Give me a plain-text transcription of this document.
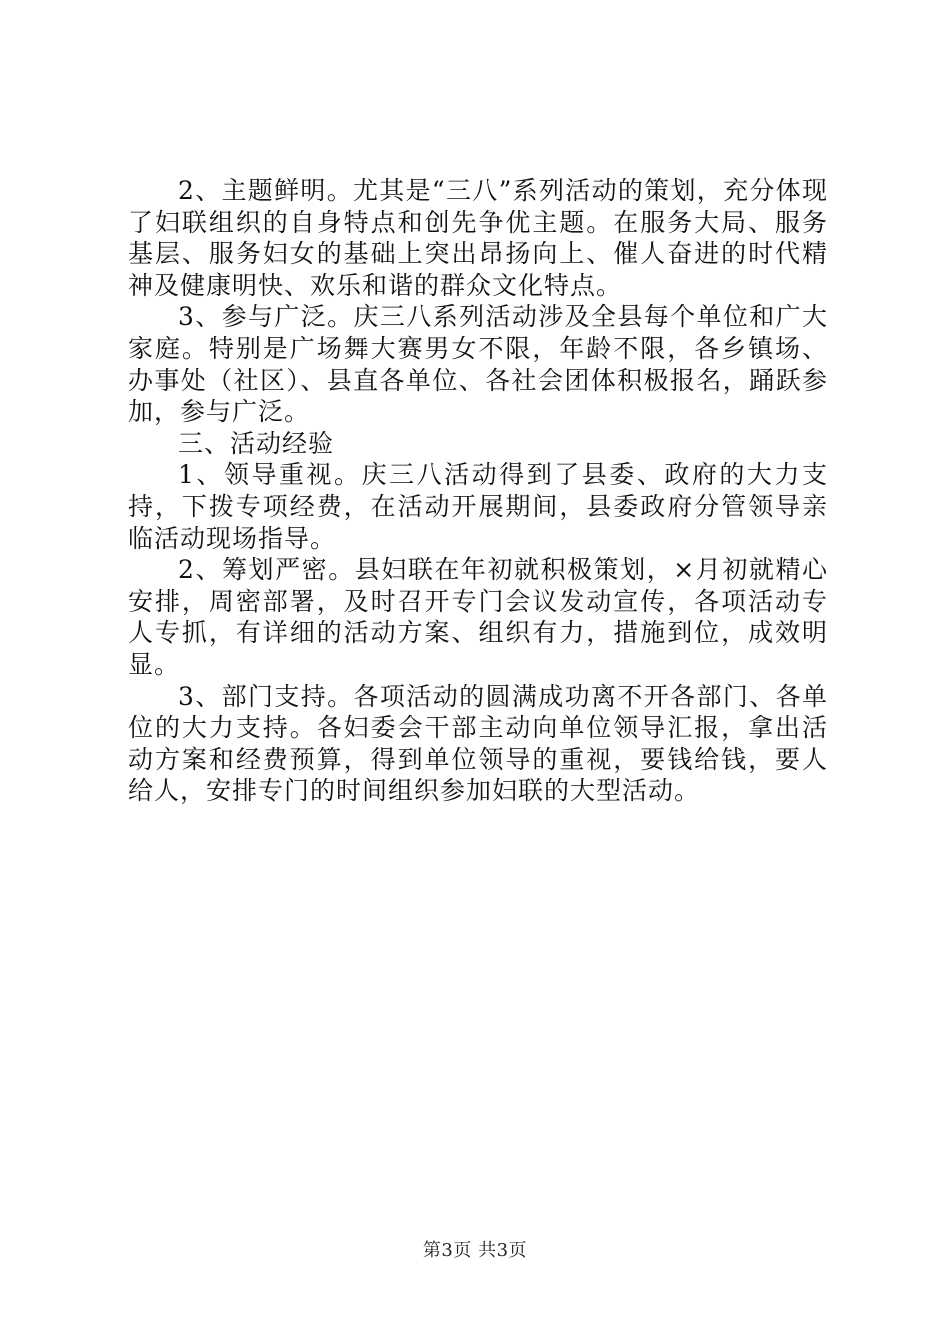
2、主题鲜明。尤其是“三八”系列活动的策划，充分体现了妇联组织的自身特点和创先争优主题。在服务大局、服务基层、服务妇女的基础上突出昂扬向上、催人奋进的时代精神及健康明快、欢乐和谐的群众文化特点。

3、参与广泛。庆三八系列活动涉及全县每个单位和广大家庭。特别是广场舞大赛男女不限，年龄不限，各乡镇场、办事处（社区）、县直各单位、各社会团体积极报名，踊跃参加，参与广泛。

三、活动经验

1、领导重视。庆三八活动得到了县委、政府的大力支持，下拨专项经费，在活动开展期间，县委政府分管领导亲临活动现场指导。

2、筹划严密。县妇联在年初就积极策划，×月初就精心安排，周密部署，及时召开专门会议发动宣传，各项活动专人专抓，有详细的活动方案、组织有力，措施到位，成效明显。

3、部门支持。各项活动的圆满成功离不开各部门、各单位的大力支持。各妇委会干部主动向单位领导汇报，拿出活动方案和经费预算，得到单位领导的重视，要钱给钱，要人给人，安排专门的时间组织参加妇联的大型活动。

第3页 共3页
